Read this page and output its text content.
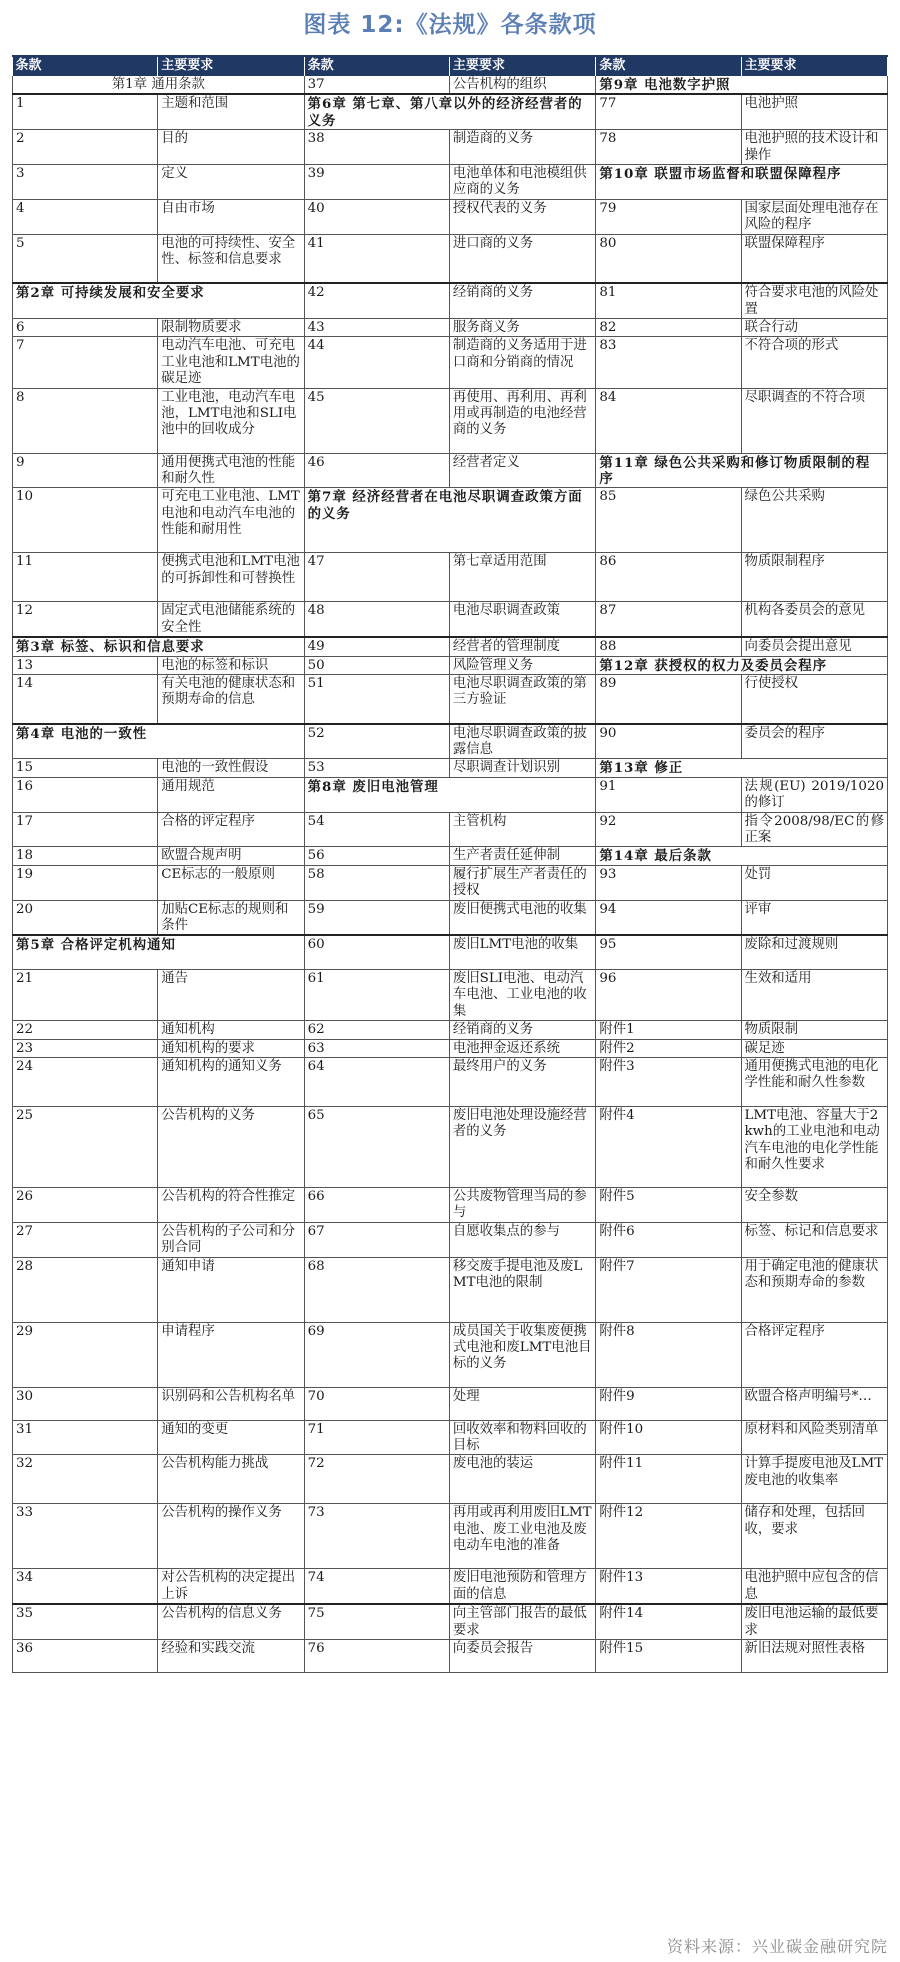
图表 12:《法规》各条款项
条款	主要要求	条款	主要要求	条款	主要要求
第1章 通用条款		37	公告机构的组织	第9章 电池数字护照	
1	主题和范围	第6章 第七章、第八章以外的经济经营者的义务		77	电池护照
2	目的	38	制造商的义务	78	电池护照的技术设计和操作
3	定义	39	电池单体和电池模组供应商的义务	第10章 联盟市场监督和联盟保障程序	
4	自由市场	40	授权代表的义务	79	国家层面处理电池存在风险的程序
5	电池的可持续性、安全性、标签和信息要求	41	进口商的义务	80	联盟保障程序
第2章 可持续发展和安全要求		42	经销商的义务	81	符合要求电池的风险处置
6	限制物质要求	43	服务商义务	82	联合行动
7	电动汽车电池、可充电工业电池和LMT电池的碳足迹	44	制造商的义务适用于进口商和分销商的情况	83	不符合项的形式
8	工业电池，电动汽车电池，LMT电池和SLI电池中的回收成分	45	再使用、再利用、再利用或再制造的电池经营商的义务	84	尽职调查的不符合项
9	通用便携式电池的性能和耐久性	46	经营者定义	第11章 绿色公共采购和修订物质限制的程序	
10	可充电工业电池、LMT电池和电动汽车电池的性能和耐用性	第7章 经济经营者在电池尽职调查政策方面的义务		85	绿色公共采购
11	便携式电池和LMT电池的可拆卸性和可替换性	47	第七章适用范围	86	物质限制程序
12	固定式电池储能系统的安全性	48	电池尽职调查政策	87	机构各委员会的意见
第3章 标签、标识和信息要求		49	经营者的管理制度	88	向委员会提出意见
13	电池的标签和标识	50	风险管理义务	第12章 获授权的权力及委员会程序	
14	有关电池的健康状态和预期寿命的信息	51	电池尽职调查政策的第三方验证	89	行使授权
第4章 电池的一致性		52	电池尽职调查政策的披露信息	90	委员会的程序
15	电池的一致性假设	53	尽职调查计划识别	第13章 修正	
16	通用规范	第8章 废旧电池管理		91	法规(EU) 2019/1020的修订
17	合格的评定程序	54	主管机构	92	指令2008/98/EC的修正案
18	欧盟合规声明	56	生产者责任延伸制	第14章 最后条款	
19	CE标志的一般原则	58	履行扩展生产者责任的授权	93	处罚
20	加贴CE标志的规则和条件	59	废旧便携式电池的收集	94	评审
第5章 合格评定机构通知		60	废旧LMT电池的收集	95	废除和过渡规则
21	通告	61	废旧SLI电池、电动汽车电池、工业电池的收集	96	生效和适用
22	通知机构	62	经销商的义务	附件1	物质限制
23	通知机构的要求	63	电池押金返还系统	附件2	碳足迹
24	通知机构的通知义务	64	最终用户的义务	附件3	通用便携式电池的电化学性能和耐久性参数
25	公告机构的义务	65	废旧电池处理设施经营者的义务	附件4	LMT电池、容量大于2kwh的工业电池和电动汽车电池的电化学性能和耐久性要求
26	公告机构的符合性推定	66	公共废物管理当局的参与	附件5	安全参数
27	公告机构的子公司和分别合同	67	自愿收集点的参与	附件6	标签、标记和信息要求
28	通知申请	68	移交废手提电池及废LMT电池的限制	附件7	用于确定电池的健康状态和预期寿命的参数
29	申请程序	69	成员国关于收集废便携式电池和废LMT电池目标的义务	附件8	合格评定程序
30	识别码和公告机构名单	70	处理	附件9	欧盟合格声明编号*…
31	通知的变更	71	回收效率和物料回收的目标	附件10	原材料和风险类别清单
32	公告机构能力挑战	72	废电池的装运	附件11	计算手提废电池及LMT废电池的收集率
33	公告机构的操作义务	73	再用或再利用废旧LMT电池、废工业电池及废电动车电池的准备	附件12	储存和处理，包括回收，要求
34	对公告机构的决定提出上诉	74	废旧电池预防和管理方面的信息	附件13	电池护照中应包含的信息
35	公告机构的信息义务	75	向主管部门报告的最低要求	附件14	废旧电池运输的最低要求
36	经验和实践交流	76	向委员会报告	附件15	新旧法规对照性表格
资料来源：兴业碳金融研究院
